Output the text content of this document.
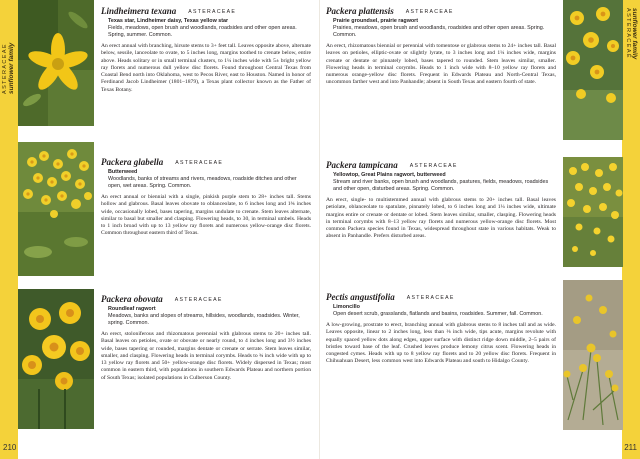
ASTERACEAE sunflower family

Lindheimera texana ASTERACEAE

Texas star, Lindheimer daisy, Texas yellow star

Fields, meadows, open brush and woodlands, roadsides and other open areas. Spring, summer. Common.

An erect annual with branching, hirsute stems to 3+ feet tall. Leaves opposite above, alternate below, sessile, lanceolate to ovate, to 5 inches long, margins toothed to crenate below, entire above. Heads solitary or in small terminal clusters, to 1¼ inches wide with 5± bright yellow ray florets and numerous dull yellow disc florets. Found throughout Central Texas from Coastal Bend north into Oklahoma, west to Pecos River, east to Houston. Named in honor of Ferdinand Jacob Lindheimer (1801–1879), a Texas plant collector known as the Father of Texas Botany.

Packera glabella ASTERACEAE

Butterweed

Woodlands, banks of streams and rivers, meadows, roadside ditches and other open, wet areas. Spring. Common.

An erect annual or biennial with a single, pinkish purple stem to 28+ inches tall. Stems hollow and glabrous. Basal leaves obovate to oblanceolate, to 6 inches long and 1¾ inches wide, occasionally lobed, bases tapering, margins undulate to crenate. Stem leaves alternate, similar to basal but smaller and clasping. Flowering heads, to 30, in terminal umbels. Heads to 1 inch broad with up to 13 yellow ray florets and numerous yellow-orange disc florets. Common throughout eastern third of Texas.

Packera obovata ASTERACEAE

Roundleaf ragwort

Meadows, banks and slopes of streams, hillsides, woodlands, roadsides. Winter, spring. Common.

An erect, stoloniferous and rhizomatous perennial with glabrous stems to 20+ inches tall. Basal leaves on petioles, ovate or obovate or nearly round, to 4 inches long and 3½ inches wide, bases tapering or rounded, margins dentate or crenate or serrate. Stem leaves similar, smaller, and clasping. Flowering heads in terminal corymbs. Heads to ¾ inch wide with up to 13 yellow ray florets and 50+ yellow-orange disc florets. Widely dispersed in Texas; most common in eastern third, with populations in southern Edwards Plateau and northern portion of South Texas; isolated populations in Culberson County.

210
sunflower family
ASTERACEAE

Packera plattensis ASTERACEAE

Prairie groundsel, prairie ragwort

Prairies, meadows, open brush and woodlands, roadsides and other open areas. Spring. Common.

An erect, rhizomatous biennial or perennial with tomentose or glabrous stems to 24+ inches tall. Basal leaves on petioles, elliptic-ovate or slightly lyrate, to 3 inches long and 1¼ inches wide, margins crenate or dentate or pinnately lobed, bases tapered to rounded. Stem leaves similar, smaller. Flowering heads in terminal corymbs. Heads to 1 inch wide with 8–10 yellow ray florets and numerous orange-yellow disc florets. Frequent in Edwards Plateau and North-Central Texas, uncommon farther west and into Panhandle; absent in South Texas and eastern fourth of state.

Packera tampicana ASTERACEAE

Yellowtop, Great Plains ragwort, butterweed

Stream and river banks, open brush and woodlands, pastures, fields, meadows, roadsides and other open, disturbed areas. Spring. Common.

An erect, single- to multistemmed annual with glabrous stems to 20+ inches tall. Basal leaves petiolate, oblanceolate to spatulate, pinnately lobed, to 6 inches long and 1¼ inches wide, ultimate margins entire or crenate or dentate or lobed. Stem leaves similar, smaller, clasping. Flowering heads in terminal corymbs with 8–13 yellow ray florets and numerous yellow-orange disc florets. Most common Packera species found in Texas, widespread throughout state in various habitats. Weak to absent in Panhandle. Prefers disturbed areas.

Pectis angustifolia ASTERACEAE

Limoncillo

Open desert scrub, grasslands, flatlands and basins, roadsides. Summer, fall. Common.

A low-growing, prostrate to erect, branching annual with glabrous stems to 8 inches tall and as wide. Leaves opposite, linear to 2 inches long, less than ⅛ inch wide, tips acute, margins revolute with equally spaced yellow dots along edges, upper surface with distinct ridge down middle, 2–5 pairs of bristles toward base of the leaf. Crushed leaves produce lemony citrus scent. Flowering heads in congested cymes. Heads with up to 8 yellow ray florets and to 20 yellow disc florets. Frequent in Chihuahuan Desert, less common west into Edwards Plateau and south to Hidalgo County.

211
